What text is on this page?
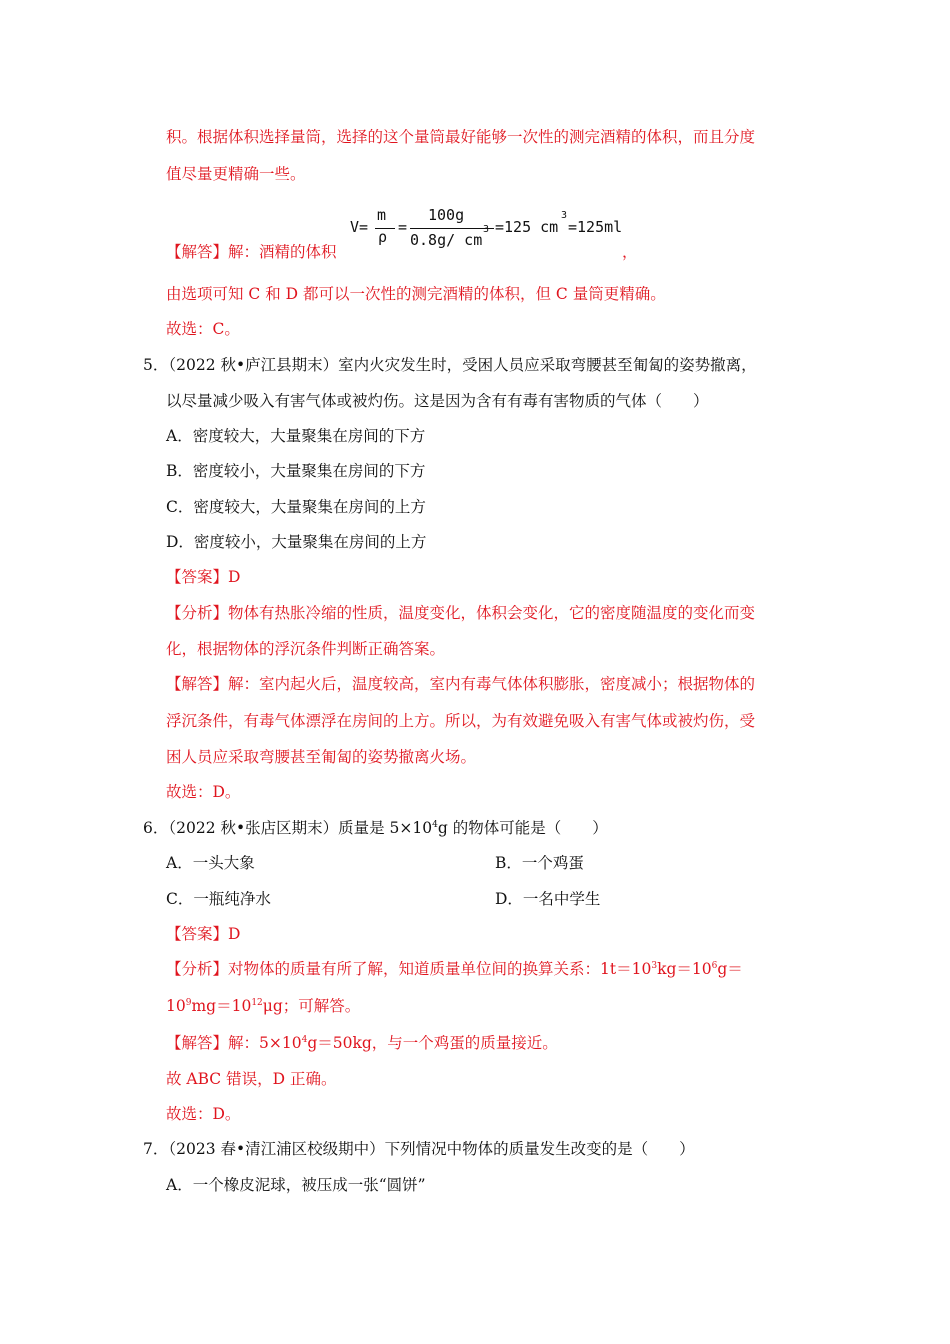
积。根据体积选择量筒，选择的这个量筒最好能够一次性的测完酒精的体积，而且分度
值尽量更精确一些。
【解答】解：酒精的体积
V=
m
ρ
=
100g
0.8g/ cm
3 =125 cm
3
=125ml
，
由选项可知 C 和 D 都可以一次性的测完酒精的体积，但 C 量筒更精确。
故选：C。
5．（2022 秋•庐江县期末）室内火灾发生时，受困人员应采取弯腰甚至匍匐的姿势撤离，
以尽量减少吸入有害气体或被灼伤。这是因为含有有毒有害物质的气体（　　）
A．密度较大，大量聚集在房间的下方
B．密度较小，大量聚集在房间的下方
C．密度较大，大量聚集在房间的上方
D．密度较小，大量聚集在房间的上方
【答案】D
【分析】物体有热胀冷缩的性质，温度变化，体积会变化，它的密度随温度的变化而变
化，根据物体的浮沉条件判断正确答案。
【解答】解：室内起火后，温度较高，室内有毒气体体积膨胀，密度减小；根据物体的
浮沉条件，有毒气体漂浮在房间的上方。所以，为有效避免吸入有害气体或被灼伤，受
困人员应采取弯腰甚至匍匐的姿势撤离火场。
故选：D。
6．（2022 秋•张店区期末）质量是 $5\times 10^4g$ 的物体可能是（　　）
A．一头大象	B．一个鸡蛋
C．一瓶纯净水	D．一名中学生
【答案】D
【分析】对物体的质量有所了解，知道质量单位间的换算关系：$1t=10^3kg=10^6g=$
$10^9mg=10^{12}\mu g$；可解答。
【解答】解：$5\times 10^4g=50kg$，与一个鸡蛋的质量接近。
故 ABC 错误，D 正确。
故选：D。
7．（2023 春•清江浦区校级期中）下列情况中物体的质量发生改变的是（　　）
A．一个橡皮泥球，被压成一张“圆饼”
